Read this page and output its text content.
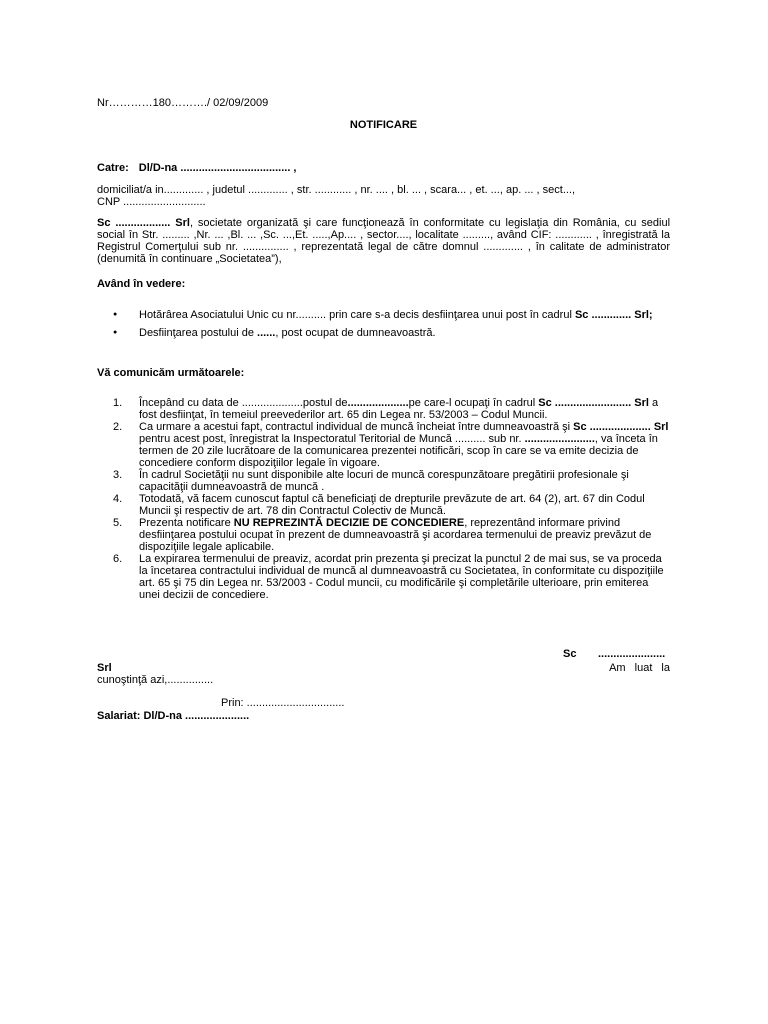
Nr…………180………./ 02/09/2009
NOTIFICARE
Catre: Dl/D-na .................................... ,
domiciliat/a in............. , judetul ............. , str. ............ , nr. .... , bl. ... , scara... , et. ..., ap. ... , sect...,
CNP ...........................
Sc .................. Srl, societate organizată şi care funcţionează în conformitate cu legislaţia din România, cu sediul social în Str. ......... ,Nr. ... ,Bl. ... ,Sc. ...,Et. .....,Ap.... , sector...., localitate ........., având CIF: ............ , înregistrată la Registrul Comerţului sub nr. ............... , reprezentată legal de către domnul ............. , în calitate de administrator (denumită în continuare „Societatea”),
Având în vedere:
● Hotărârea Asociatului Unic cu nr.......... prin care s-a decis desfiinţarea unui post în cadrul Sc ............. Srl;
● Desfiinţarea postului de ......, post ocupat de dumneavoastră.
Vă comunicăm următoarele:
1. Începând cu data de ....................postul de....................pe care-l ocupaţi în cadrul Sc ......................... Srl a fost desfiinţat, în temeiul preevederilor art. 65 din Legea nr. 53/2003 – Codul Muncii.
2. Ca urmare a acestui fapt, contractul individual de muncă încheiat între dumneavoastră şi Sc .................... Srl pentru acest post, înregistrat la Inspectoratul Teritorial de Muncă .......... sub nr. ......................., va înceta în termen de 20 zile lucrătoare de la comunicarea prezentei notificări, scop în care se va emite decizia de concediere conform dispoziţiilor legale în vigoare.
3. În cadrul Societăţii nu sunt disponibile alte locuri de muncă corespunzătoare pregătirii profesionale şi capacităţii dumneavoastră de muncă .
4. Totodată, vă facem cunoscut faptul că beneficiaţi de drepturile prevăzute de art. 64 (2), art. 67 din Codul Muncii şi respectiv de art. 78 din Contractul Colectiv de Muncă.
5. Prezenta notificare NU REPREZINTĂ DECIZIE DE CONCEDIERE, reprezentând informare privind desfiinţarea postului ocupat în prezent de dumneavoastră şi acordarea termenului de preaviz prevăzut de dispoziţiile legale aplicabile.
6. La expirarea termenului de preaviz, acordat prin prezenta şi precizat la punctul 2 de mai sus, se va proceda la încetarea contractului individual de muncă al dumneavoastră cu Societatea, în conformitate cu dispoziţiile art. 65 şi 75 din Legea nr. 53/2003 - Codul muncii, cu modificările şi completările ulterioare, prin emiterea unei decizii de concediere.
Sc ......................
Srl	Am luat la
cunoştinţă azi,...............
Prin: ................................
Salariat: Dl/D-na .....................
